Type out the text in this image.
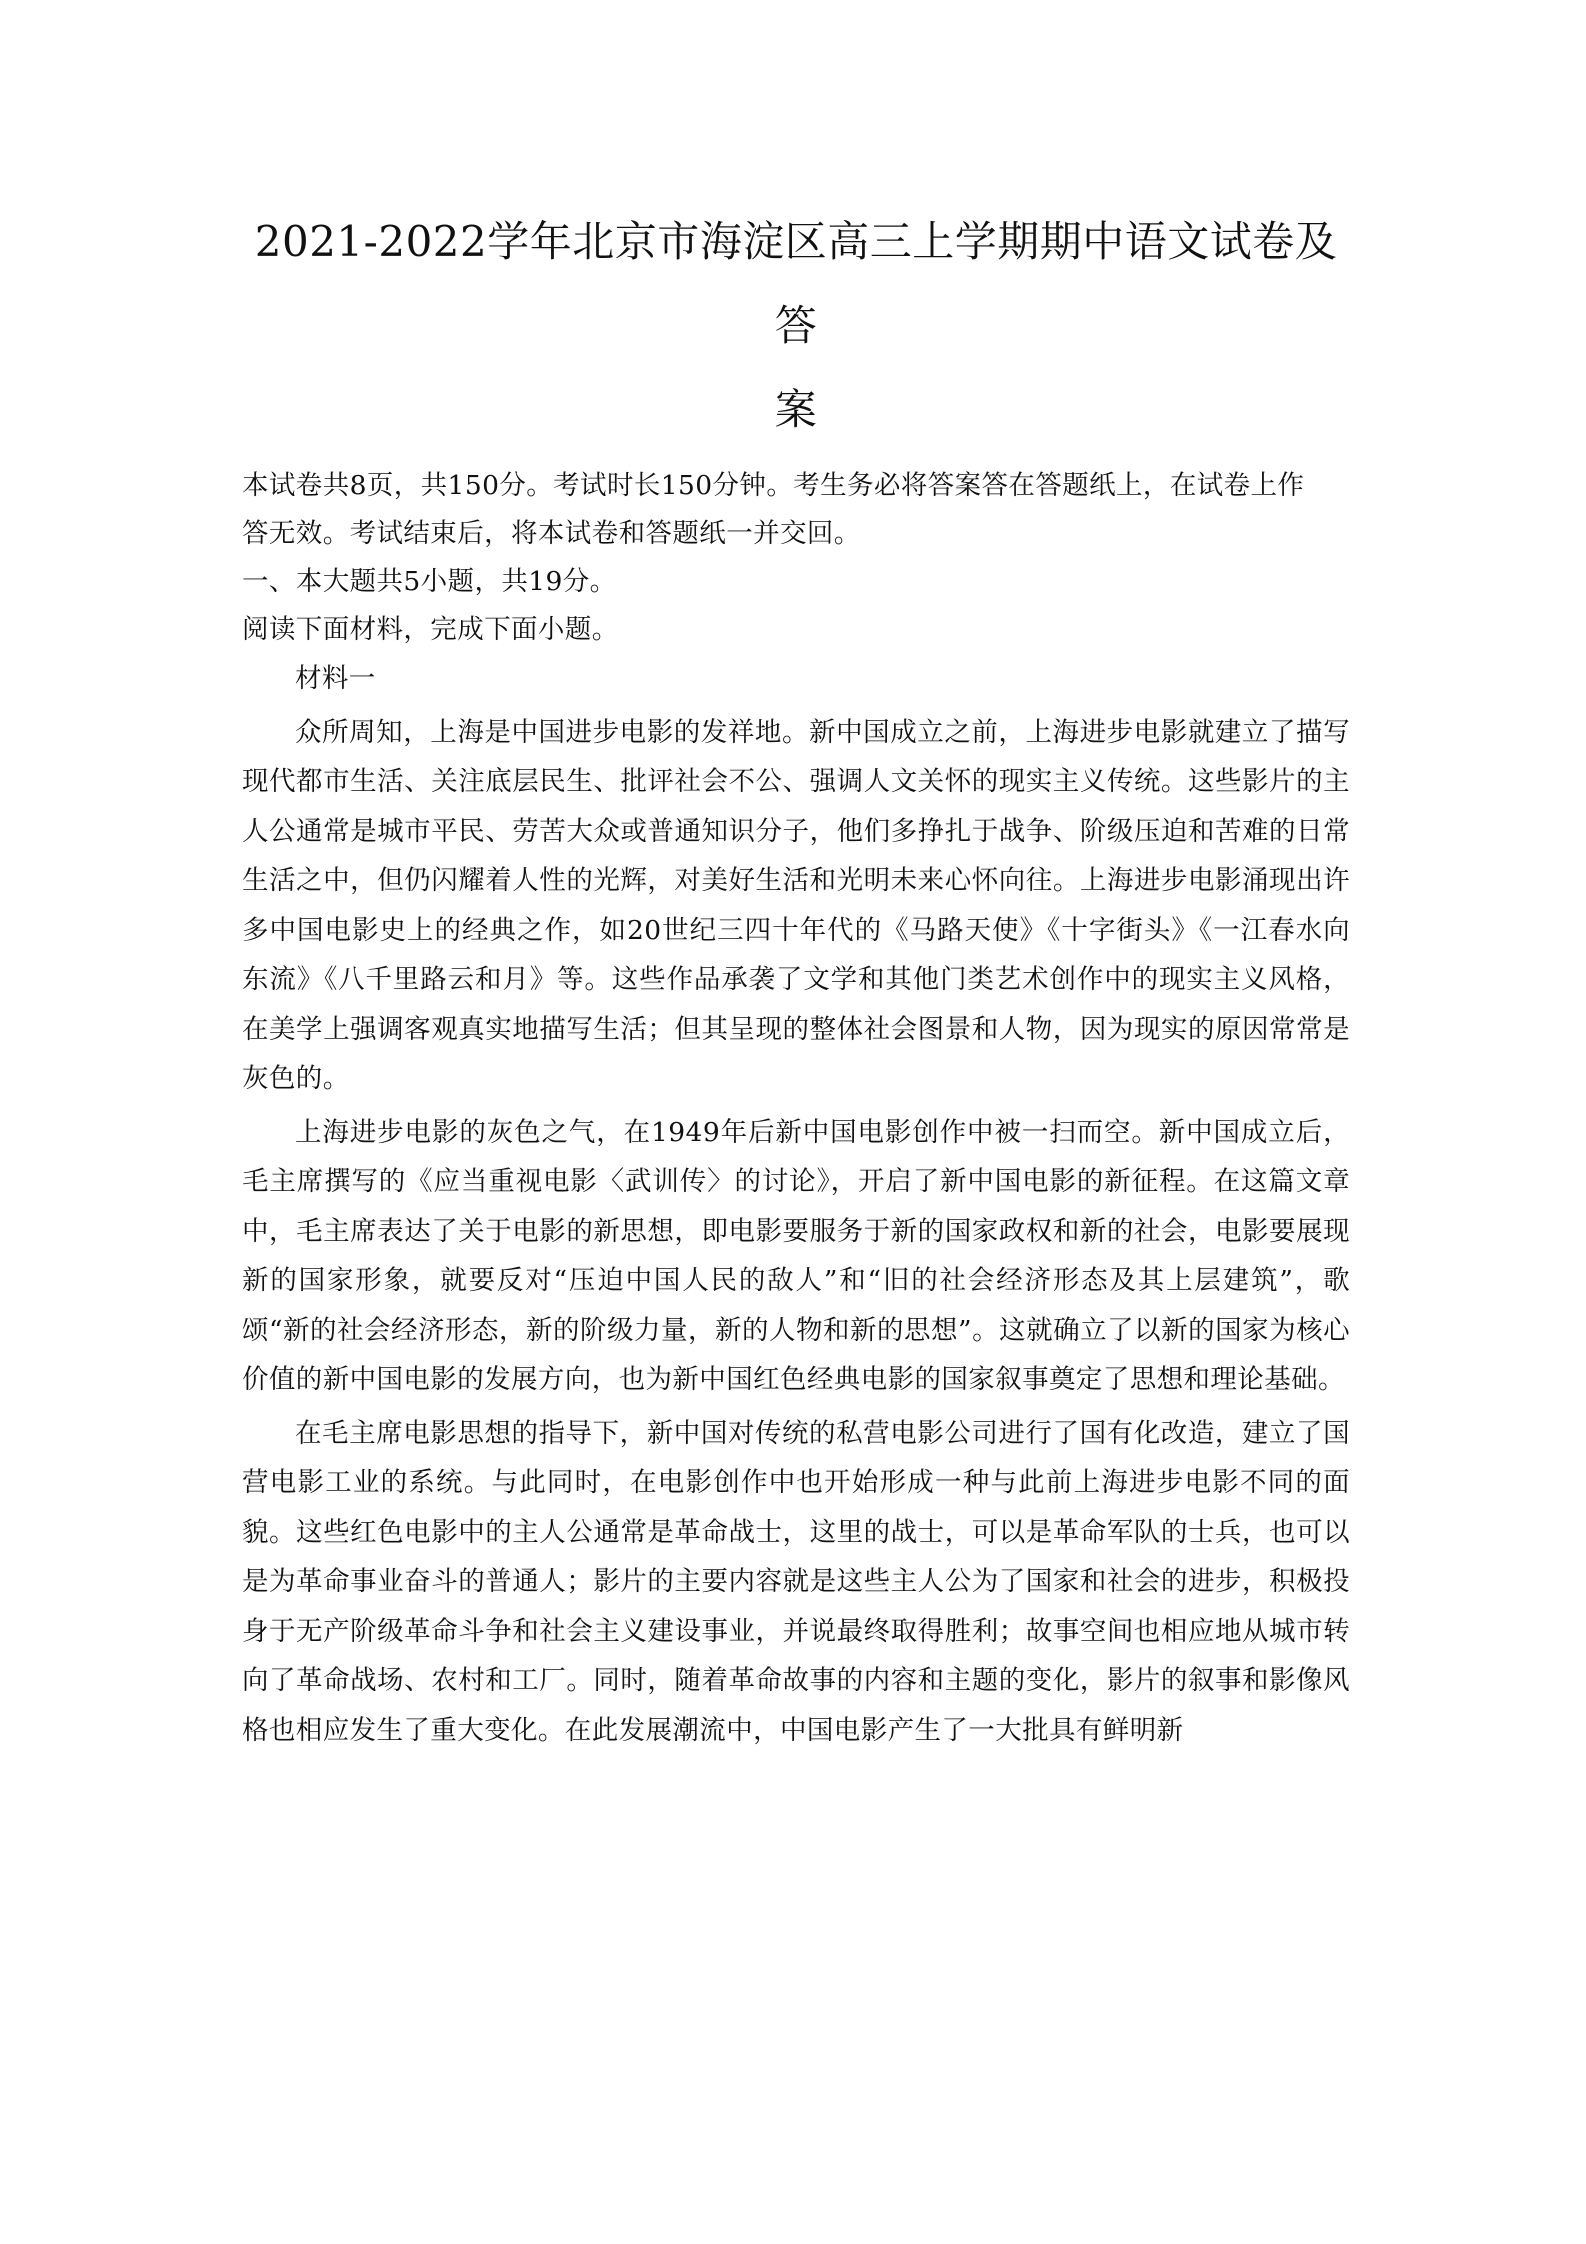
2021-2022学年北京市海淀区高三上学期期中语文试卷及答
案

本试卷共8页，共150分。考试时长150分钟。考生务必将答案答在答题纸上，在试卷上作

答无效。考试结束后，将本试卷和答题纸一并交回。

一、本大题共5小题，共19分。

阅读下面材料，完成下面小题。

材料一

众所周知，上海是中国进步电影的发祥地。新中国成立之前，上海进步电影就建立了描写现代都市生活、关注底层民生、批评社会不公、强调人文关怀的现实主义传统。这些影片的主人公通常是城市平民、劳苦大众或普通知识分子，他们多挣扎于战争、阶级压迫和苦难的日常生活之中，但仍闪耀着人性的光辉，对美好生活和光明未来心怀向往。上海进步电影涌现出许多中国电影史上的经典之作，如20世纪三四十年代的《马路天使》《十字街头》《一江春水向东流》《八千里路云和月》等。这些作品承袭了文学和其他门类艺术创作中的现实主义风格，在美学上强调客观真实地描写生活；但其呈现的整体社会图景和人物，因为现实的原因常常是灰色的。

上海进步电影的灰色之气，在1949年后新中国电影创作中被一扫而空。新中国成立后，毛主席撰写的《应当重视电影〈武训传〉的讨论》，开启了新中国电影的新征程。在这篇文章中，毛主席表达了关于电影的新思想，即电影要服务于新的国家政权和新的社会，电影要展现新的国家形象，就要反对“压迫中国人民的敌人”和“旧的社会经济形态及其上层建筑”，歌颂“新的社会经济形态，新的阶级力量，新的人物和新的思想”。这就确立了以新的国家为核心价值的新中国电影的发展方向，也为新中国红色经典电影的国家叙事奠定了思想和理论基础。

在毛主席电影思想的指导下，新中国对传统的私营电影公司进行了国有化改造，建立了国营电影工业的系统。与此同时，在电影创作中也开始形成一种与此前上海进步电影不同的面貌。这些红色电影中的主人公通常是革命战士，这里的战士，可以是革命军队的士兵，也可以是为革命事业奋斗的普通人；影片的主要内容就是这些主人公为了国家和社会的进步，积极投身于无产阶级革命斗争和社会主义建设事业，并说最终取得胜利；故事空间也相应地从城市转向了革命战场、农村和工厂。同时，随着革命故事的内容和主题的变化，影片的叙事和影像风格也相应发生了重大变化。在此发展潮流中，中国电影产生了一大批具有鲜明新
